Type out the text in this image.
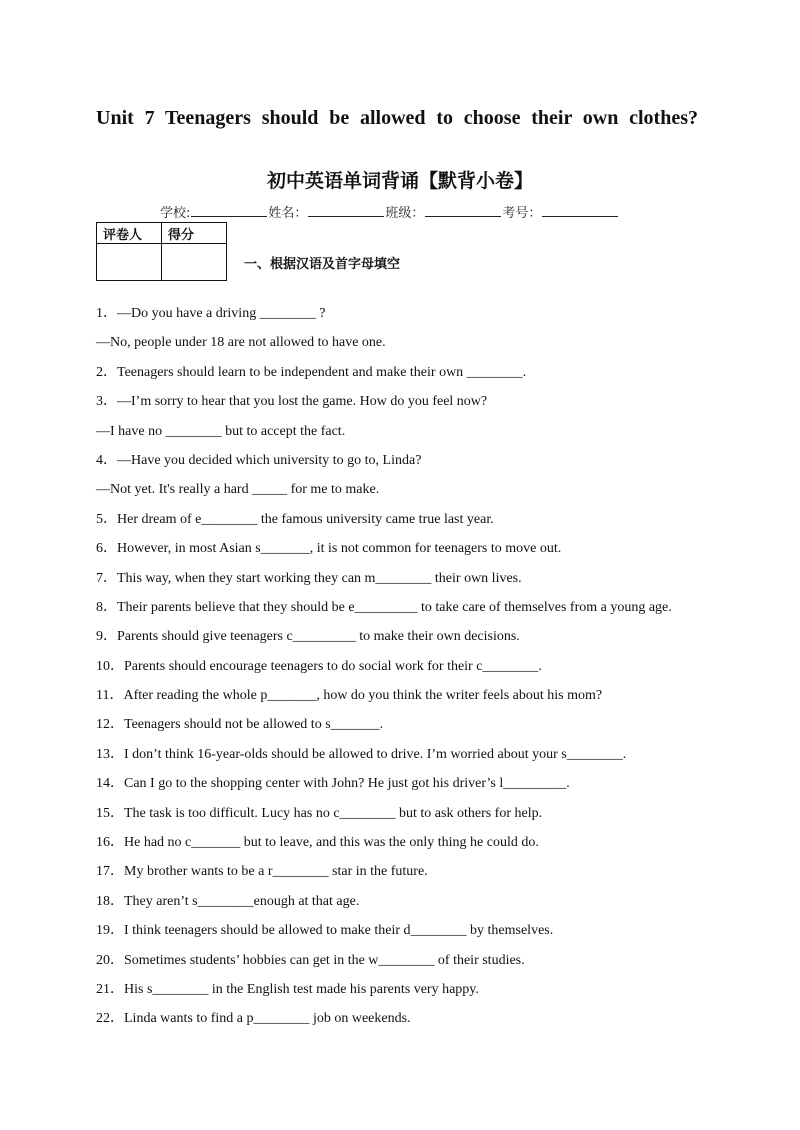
Unit 7 Teenagers should be allowed to choose their own clothes?
初中英语单词背诵【默背小卷】
学校:	姓名：	班级：	考号：
评卷人	得分

一、根据汉语及首字母填空
1．—Do you have a driving ________ ?
—No, people under 18 are not allowed to have one.
2．Teenagers should learn to be independent and make their own ________.
3．—I’m sorry to hear that you lost the game. How do you feel now?
—I have no ________ but to accept the fact.
4．—Have you decided which university to go to, Linda?
—Not yet. It's really a hard _____ for me to make.
5．Her dream of e________ the famous university came true last year.
6．However, in most Asian s_______, it is not common for teenagers to move out.
7．This way, when they start working they can m________ their own lives.
8．Their parents believe that they should be e_________ to take care of themselves from a young age.
9．Parents should give teenagers c_________ to make their own decisions.
10．Parents should encourage teenagers to do social work for their c________.
11．After reading the whole p_______, how do you think the writer feels about his mom?
12．Teenagers should not be allowed to s_______.
13．I don’t think 16-year-olds should be allowed to drive. I’m worried about your s________.
14．Can I go to the shopping center with John? He just got his driver’s l_________.
15．The task is too difficult. Lucy has no c________ but to ask others for help.
16．He had no c_______ but to leave, and this was the only thing he could do.
17．My brother wants to be a r________ star in the future.
18．They aren’t s________enough at that age.
19．I think teenagers should be allowed to make their d________ by themselves.
20．Sometimes students’ hobbies can get in the w________ of their studies.
21．His s________ in the English test made his parents very happy.
22．Linda wants to find a p________ job on weekends.
